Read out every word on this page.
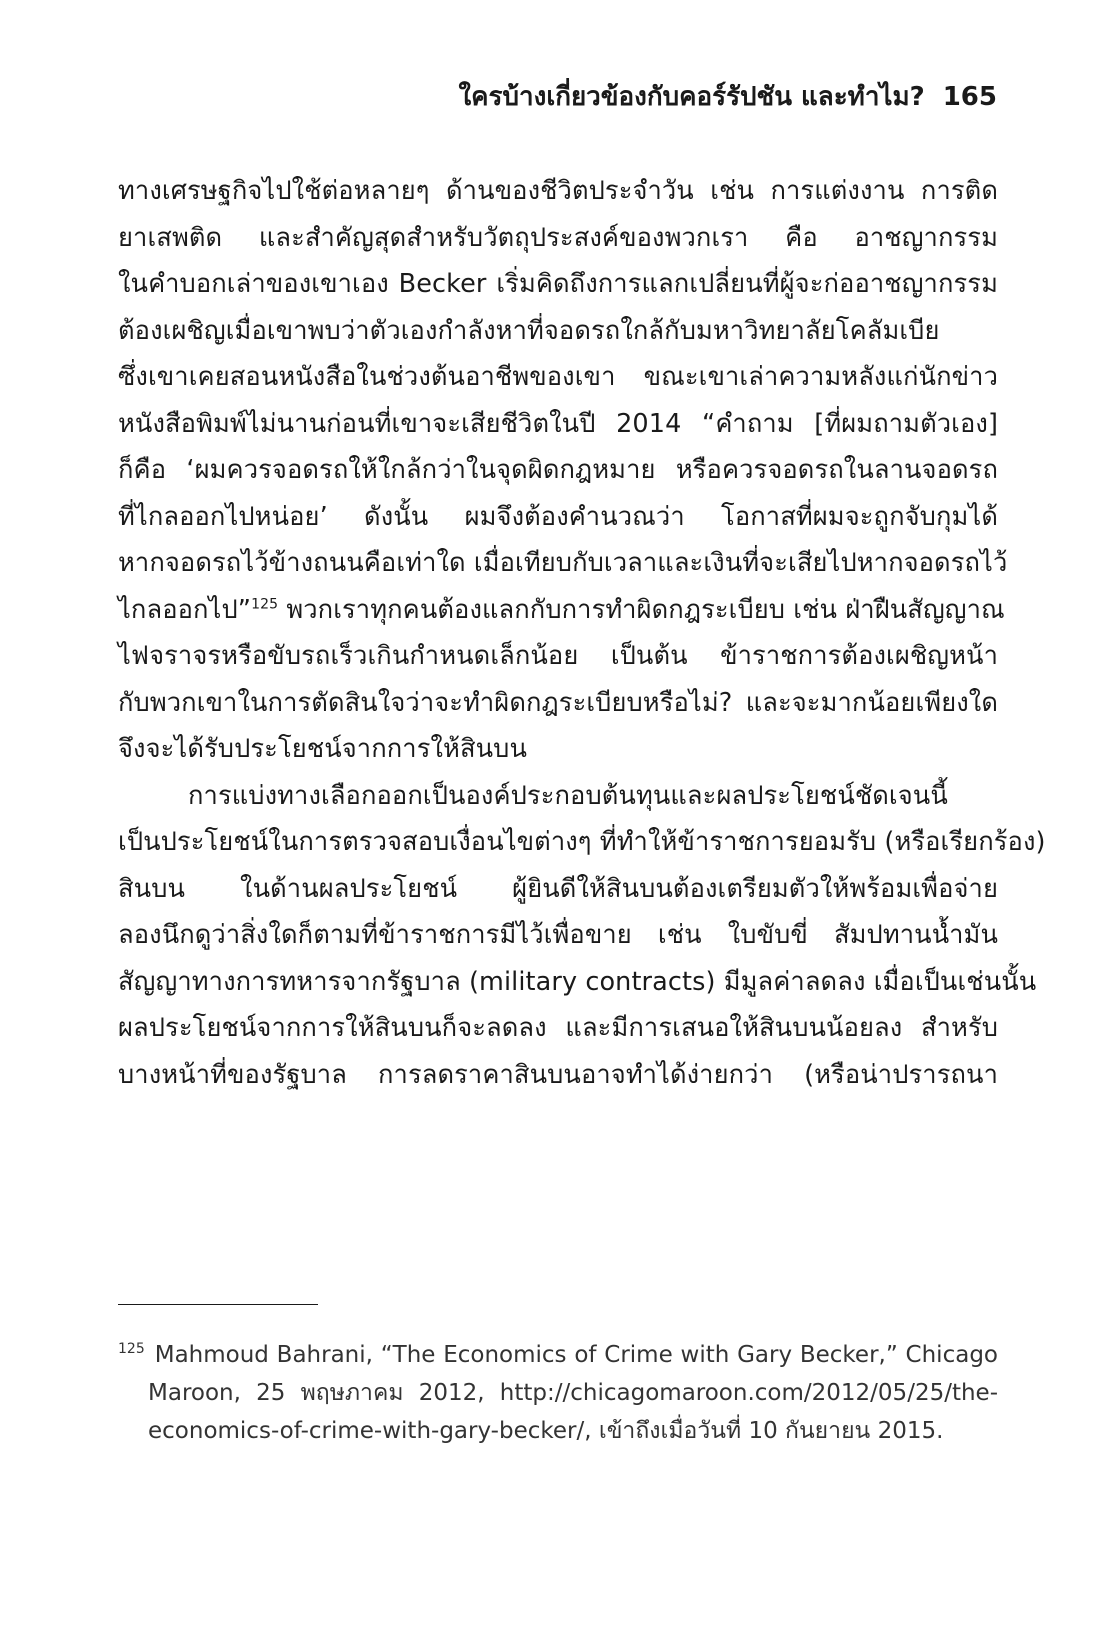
ใครบ้างเกี่ยวข้องกับคอร์รัปชัน และทำไม? 165
ทางเศรษฐกิจไปใช้ต่อหลายๆ ด้านของชีวิตประจำวัน เช่น การแต่งงาน การติด
ยาเสพติด และสำคัญสุดสำหรับวัตถุประสงค์ของพวกเรา คือ อาชญากรรม
ในคำบอกเล่าของเขาเอง Becker เริ่มคิดถึงการแลกเปลี่ยนที่ผู้จะก่ออาชญากรรม
ต้องเผชิญเมื่อเขาพบว่าตัวเองกำลังหาที่จอดรถใกล้กับมหาวิทยาลัยโคลัมเบีย
ซึ่งเขาเคยสอนหนังสือในช่วงต้นอาชีพของเขา ขณะเขาเล่าความหลังแก่นักข่าว
หนังสือพิมพ์ไม่นานก่อนที่เขาจะเสียชีวิตในปี 2014 “คำถาม [ที่ผมถามตัวเอง]
ก็คือ ‘ผมควรจอดรถให้ใกล้กว่าในจุดผิดกฎหมาย หรือควรจอดรถในลานจอดรถ
ที่ไกลออกไปหน่อย’ ดังนั้น ผมจึงต้องคำนวณว่า โอกาสที่ผมจะถูกจับกุมได้
หากจอดรถไว้ข้างถนนคือเท่าใด เมื่อเทียบกับเวลาและเงินที่จะเสียไปหากจอดรถไว้
ไกลออกไป”$^{125}$ พวกเราทุกคนต้องแลกกับการทำผิดกฎระเบียบ เช่น ฝ่าฝืนสัญญาณ
ไฟจราจรหรือขับรถเร็วเกินกำหนดเล็กน้อย เป็นต้น ข้าราชการต้องเผชิญหน้า
กับพวกเขาในการตัดสินใจว่าจะทำผิดกฎระเบียบหรือไม่? และจะมากน้อยเพียงใด
จึงจะได้รับประโยชน์จากการให้สินบน
การแบ่งทางเลือกออกเป็นองค์ประกอบต้นทุนและผลประโยชน์ชัดเจนนี้
เป็นประโยชน์ในการตรวจสอบเงื่อนไขต่างๆ ที่ทำให้ข้าราชการยอมรับ (หรือเรียกร้อง)
สินบน ในด้านผลประโยชน์ ผู้ยินดีให้สินบนต้องเตรียมตัวให้พร้อมเพื่อจ่าย
ลองนึกดูว่าสิ่งใดก็ตามที่ข้าราชการมีไว้เพื่อขาย เช่น ใบขับขี่ สัมปทานน้ำมัน
สัญญาทางการทหารจากรัฐบาล (military contracts) มีมูลค่าลดลง เมื่อเป็นเช่นนั้น
ผลประโยชน์จากการให้สินบนก็จะลดลง และมีการเสนอให้สินบนน้อยลง สำหรับ
บางหน้าที่ของรัฐบาล การลดราคาสินบนอาจทำได้ง่ายกว่า (หรือน่าปรารถนา
$^{125}$ Mahmoud Bahrani, “The Economics of Crime with Gary Becker,” Chicago
Maroon, 25 พฤษภาคม 2012, http://chicagomaroon.com/2012/05/25/the-
economics-of-crime-with-gary-becker/, เข้าถึงเมื่อวันที่ 10 กันยายน 2015.
